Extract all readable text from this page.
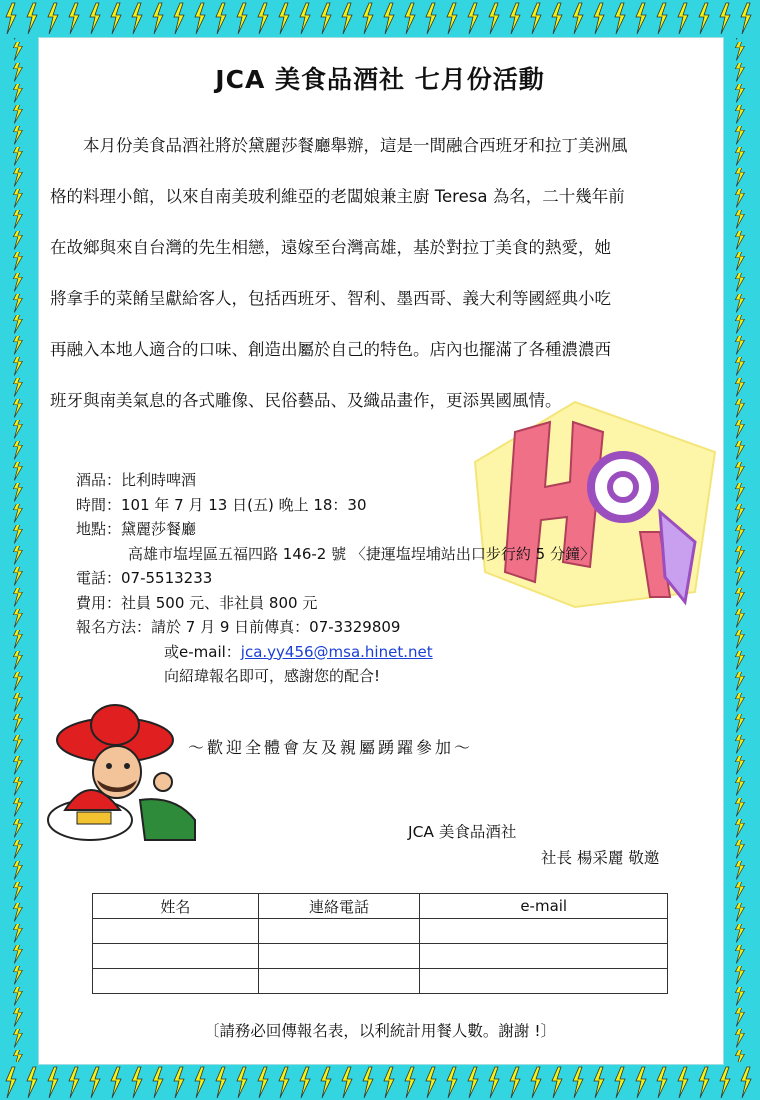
JCA 美食品酒社 七月份活動
　　本月份美食品酒社將於黛麗莎餐廳舉辦，這是一間融合西班牙和拉丁美洲風
格的料理小館，以來自南美玻利維亞的老闆娘兼主廚 Teresa 為名，二十幾年前
在故鄉與來自台灣的先生相戀，遠嫁至台灣高雄，基於對拉丁美食的熱愛，她
將拿手的菜餚呈獻給客人，包括西班牙、智利、墨西哥、義大利等國經典小吃
再融入本地人適合的口味、創造出屬於自己的特色。店內也擺滿了各種濃濃西
班牙與南美氣息的各式雕像、民俗藝品、及織品畫作，更添異國風情。
酒品：比利時啤酒
時間：101 年 7 月 13 日(五) 晚上 18：30
地點：黛麗莎餐廳
高雄市塩埕區五福四路 146-2 號 〈捷運塩埕埔站出口步行約 5 分鐘〉
電話：07-5513233
費用：社員 500 元、非社員 800 元
報名方法：請於 7 月 9 日前傳真：07-3329809
或e-mail：jca.yy456@msa.hinet.net
向紹瑋報名即可，感謝您的配合!
～歡迎全體會友及親屬踴躍參加～
JCA 美食品酒社
社長 楊采麗 敬邀
姓名	連絡電話	e-mail

〔請務必回傳報名表，以利統計用餐人數。謝謝 !〕
